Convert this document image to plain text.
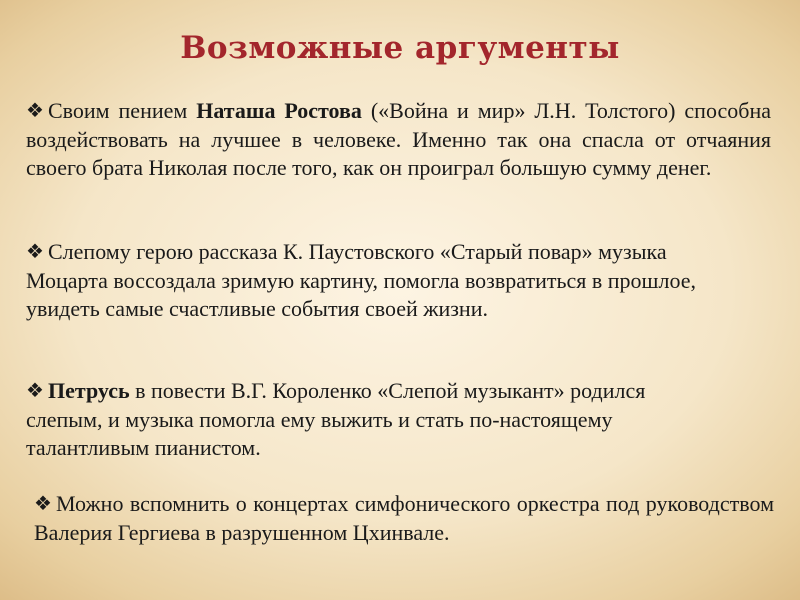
Возможные аргументы

❖ Своим пением Наташа Ростова («Война и мир» Л.Н. Толстого) способна воздействовать на лучшее в человеке. Именно так она спасла от отчаяния своего брата Николая после того, как он проиграл большую сумму денег.

❖ Слепому герою рассказа К. Паустовского «Старый повар» музыка Моцарта воссоздала зримую картину, помогла возвратиться в прошлое, увидеть самые счастливые события своей жизни.

❖ Петрусь в повести В.Г. Короленко «Слепой музыкант» родился слепым, и музыка помогла ему выжить и стать по-настоящему талантливым пианистом.

❖ Можно вспомнить о концертах симфонического оркестра под руководством Валерия Гергиева в разрушенном Цхинвале.
